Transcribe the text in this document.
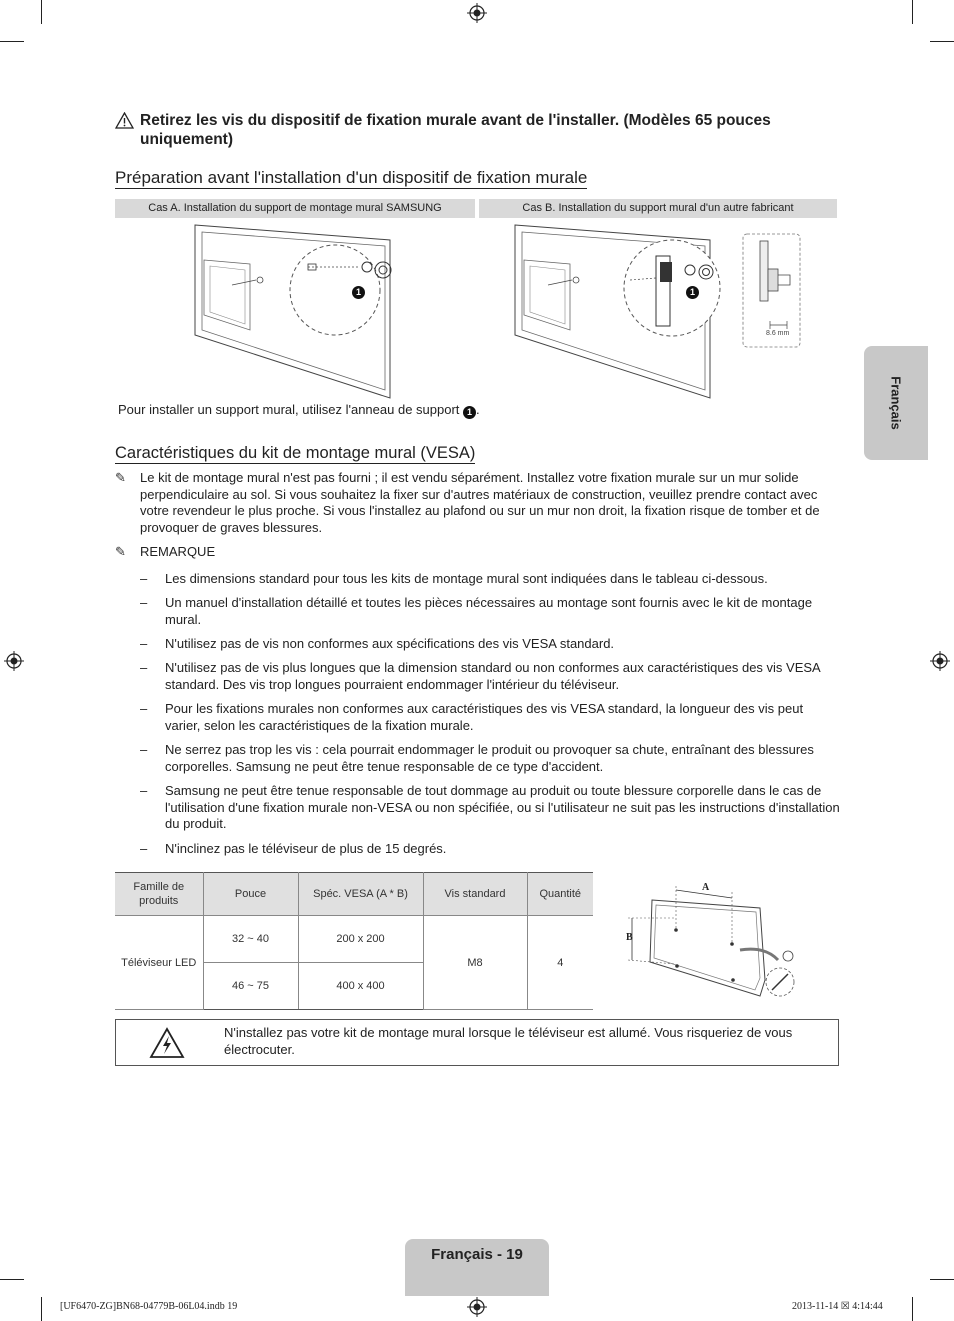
Retirez les vis du dispositif de fixation murale avant de l'installer. (Modèles 65 pouces uniquement)
Préparation avant l'installation d'un dispositif de fixation murale
Cas A. Installation du support de montage mural SAMSUNG	Cas B. Installation du support mural d'un autre fabricant
1	1
8.6 mm
Pour installer un support mural, utilisez l'anneau de support 1 .
Caractéristiques du kit de montage mural (VESA)
✎	Le kit de montage mural n'est pas fourni ; il est vendu séparément. Installez votre fixation murale sur un mur solide perpendiculaire au sol. Si vous souhaitez la fixer sur d'autres matériaux de construction, veuillez prendre contact avec votre revendeur le plus proche. Si vous l'installez au plafond ou sur un mur non droit, la fixation risque de tomber et de provoquer de graves blessures.
✎	REMARQUE
–	Les dimensions standard pour tous les kits de montage mural sont indiquées dans le tableau ci-dessous.
–	Un manuel d'installation détaillé et toutes les pièces nécessaires au montage sont fournis avec le kit de montage mural.
–	N'utilisez pas de vis non conformes aux spécifications des vis VESA standard.
–	N'utilisez pas de vis plus longues que la dimension standard ou non conformes aux caractéristiques des vis VESA standard. Des vis trop longues pourraient endommager l'intérieur du téléviseur.
–	Pour les fixations murales non conformes aux caractéristiques des vis VESA standard, la longueur des vis peut varier, selon les caractéristiques de la fixation murale.
–	Ne serrez pas trop les vis : cela pourrait endommager le produit ou provoquer sa chute, entraînant des blessures corporelles. Samsung ne peut être tenue responsable de ce type d'accident.
–	Samsung ne peut être tenue responsable de tout dommage au produit ou toute blessure corporelle dans le cas de l'utilisation d'une fixation murale non-VESA ou non spécifiée, ou si l'utilisateur ne suit pas les instructions d'installation du produit.
–	N'inclinez pas le téléviseur de plus de 15 degrés.
Famille de produits	Pouce	Spéc. VESA (A * B)	Vis standard	Quantité
Téléviseur LED	32 ~ 40	200 x 200	M8	4
	46 ~ 75	400 x 400		
A
B
N'installez pas votre kit de montage mural lorsque le téléviseur est allumé. Vous risqueriez de vous électrocuter.
Français
Français - 19
[UF6470-ZG]BN68-04779B-06L04.indb 19	2013-11-14 ☒ 4:14:44
